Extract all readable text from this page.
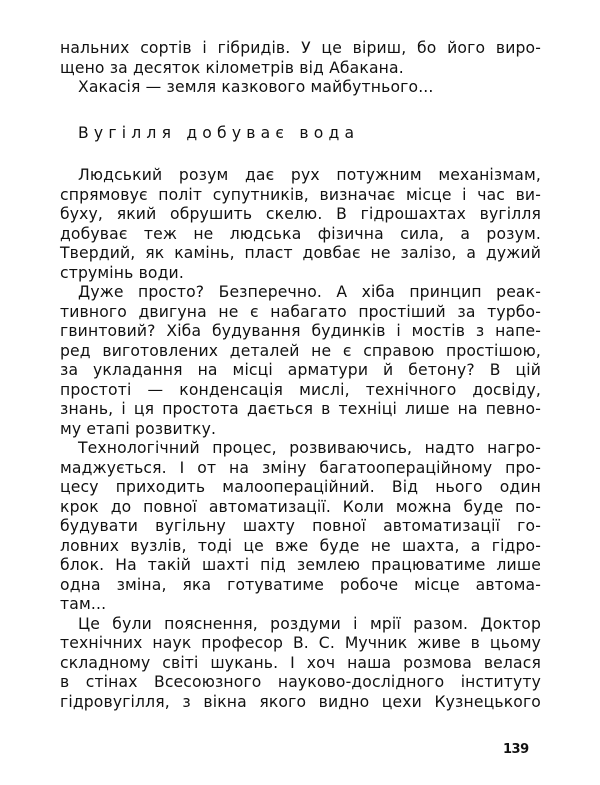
нальних сортів і гібридів. У це віриш, бо його виро-
щено за десяток кілометрів від Абакана.
Хакасія — земля казкового майбутнього...
Вугілля добуває вода
Людський розум дає рух потужним механізмам,
спрямовує політ супутників, визначає місце і час ви-
буху, який обрушить скелю. В гідрошахтах вугілля
добуває теж не людська фізична сила, а розум.
Твердий, як камінь, пласт довбає не залізо, а дужий
струмінь води.
Дуже просто? Безперечно. А хіба принцип реак-
тивного двигуна не є набагато простіший за турбо-
гвинтовий? Хіба будування будинків і мостів з напе-
ред виготовлених деталей не є справою простішою,
за укладання на місці арматури й бетону? В цій
простоті — конденсація мислі, технічного досвіду,
знань, і ця простота дається в техніці лише на певно-
му етапі розвитку.
Технологічний процес, розвиваючись, надто нагро-
маджується. І от на зміну багатоопераційному про-
цесу приходить малоопераційний. Від нього один
крок до повної автоматизації. Коли можна буде по-
будувати вугільну шахту повної автоматизації го-
ловних вузлів, тоді це вже буде не шахта, а гідро-
блок. На такій шахті під землею працюватиме лише
одна зміна, яка готуватиме робоче місце автома-
там...
Це були пояснення, роздуми і мрії разом. Доктор
технічних наук професор В. С. Мучник живе в цьому
складному світі шукань. І хоч наша розмова велася
в стінах Всесоюзного науково-дослідного інституту
гідровугілля, з вікна якого видно цехи Кузнецького
139
